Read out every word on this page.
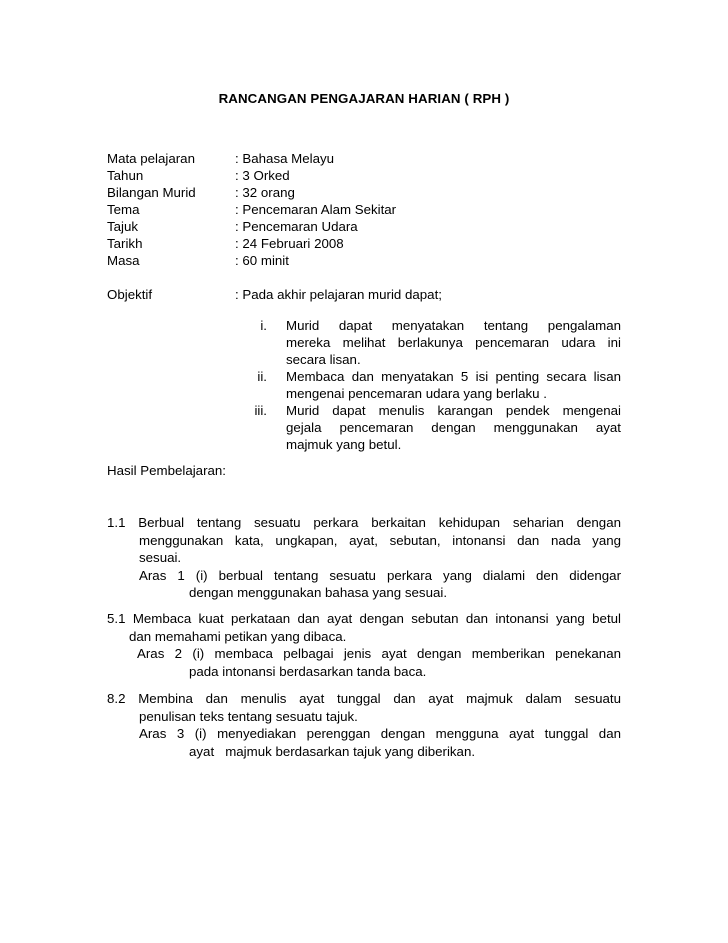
RANCANGAN PENGAJARAN HARIAN ( RPH )
Mata pelajaran	: Bahasa Melayu
Tahun	: 3 Orked
Bilangan Murid	: 32 orang
Tema	: Pencemaran Alam Sekitar
Tajuk	: Pencemaran Udara
Tarikh	: 24 Februari 2008
Masa	: 60 minit
Objektif	: Pada akhir pelajaran murid dapat;
i. Murid dapat menyatakan tentang pengalaman
mereka melihat berlakunya pencemaran udara ini
secara lisan.
ii. Membaca dan menyatakan 5 isi penting secara lisan
mengenai pencemaran udara yang berlaku .
iii. Murid dapat menulis karangan pendek mengenai
gejala pencemaran dengan menggunakan ayat
majmuk yang betul.
Hasil Pembelajaran:
1.1 Berbual tentang sesuatu perkara berkaitan kehidupan seharian dengan
menggunakan kata, ungkapan, ayat, sebutan, intonansi dan nada yang
sesuai.
Aras 1 (i) berbual tentang sesuatu perkara yang dialami den didengar
dengan menggunakan bahasa yang sesuai.
5.1 Membaca kuat perkataan dan ayat dengan sebutan dan intonansi yang betul
dan memahami petikan yang dibaca.
Aras 2 (i) membaca pelbagai jenis ayat dengan memberikan penekanan
pada intonansi berdasarkan tanda baca.
8.2 Membina dan menulis ayat tunggal dan ayat majmuk dalam sesuatu
penulisan teks tentang sesuatu tajuk.
Aras 3 (i) menyediakan perenggan dengan mengguna ayat tunggal dan
ayat   majmuk berdasarkan tajuk yang diberikan.
